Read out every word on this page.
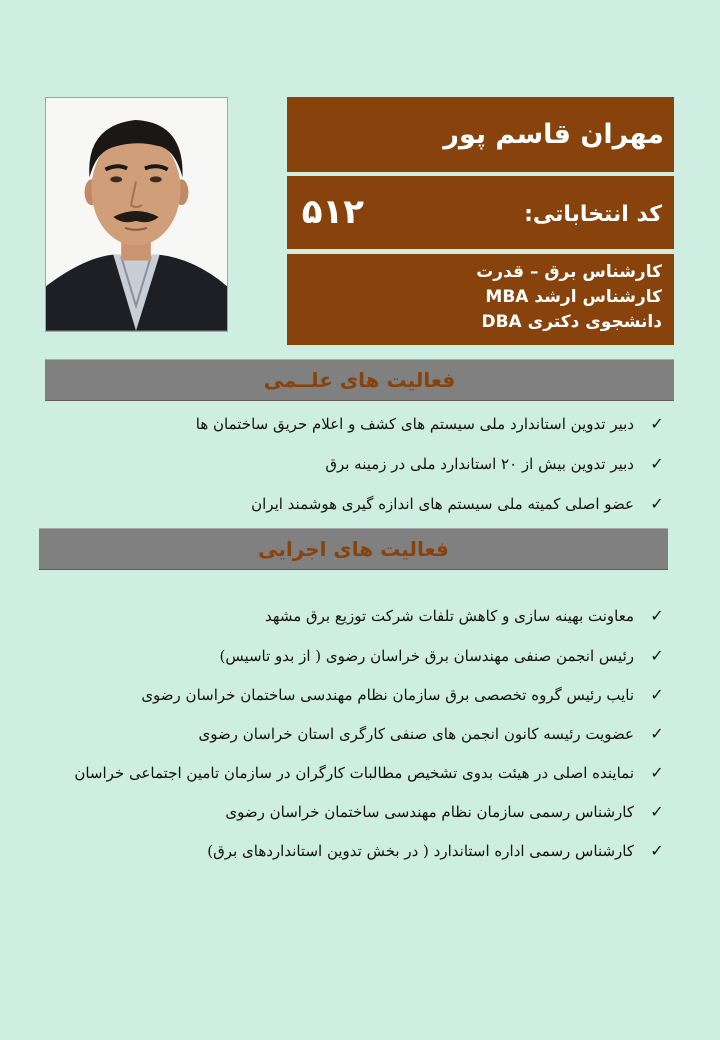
مهران قاسم پور
کد انتخاباتی:
۵۱۲
کارشناس برق – قدرت
کارشناس ارشد MBA
دانشجوی دکتری DBA
فعالیت های علــمی
✓دبیر تدوین استاندارد ملی سیستم های کشف و اعلام حریق ساختمان ها
✓دبیر تدوین بیش از ۲۰ استاندارد ملی در زمینه برق
✓عضو اصلی کمیته ملی سیستم های اندازه گیری هوشمند ایران
فعالیت های اجرایی
✓معاونت بهینه سازی و کاهش تلفات شرکت توزیع برق مشهد
✓رئیس انجمن صنفی مهندسان برق خراسان رضوی ( از بدو تاسیس)
✓نایب رئیس گروه تخصصی برق سازمان نظام مهندسی ساختمان خراسان رضوی
✓عضویت رئیسه کانون انجمن های صنفی کارگری استان خراسان رضوی
✓نماینده اصلی در هیئت بدوی تشخیص مطالبات کارگران در سازمان تامین اجتماعی خراسان
✓کارشناس رسمی سازمان نظام مهندسی ساختمان خراسان رضوی
✓کارشناس رسمی اداره استاندارد ( در بخش تدوین استانداردهای برق)
